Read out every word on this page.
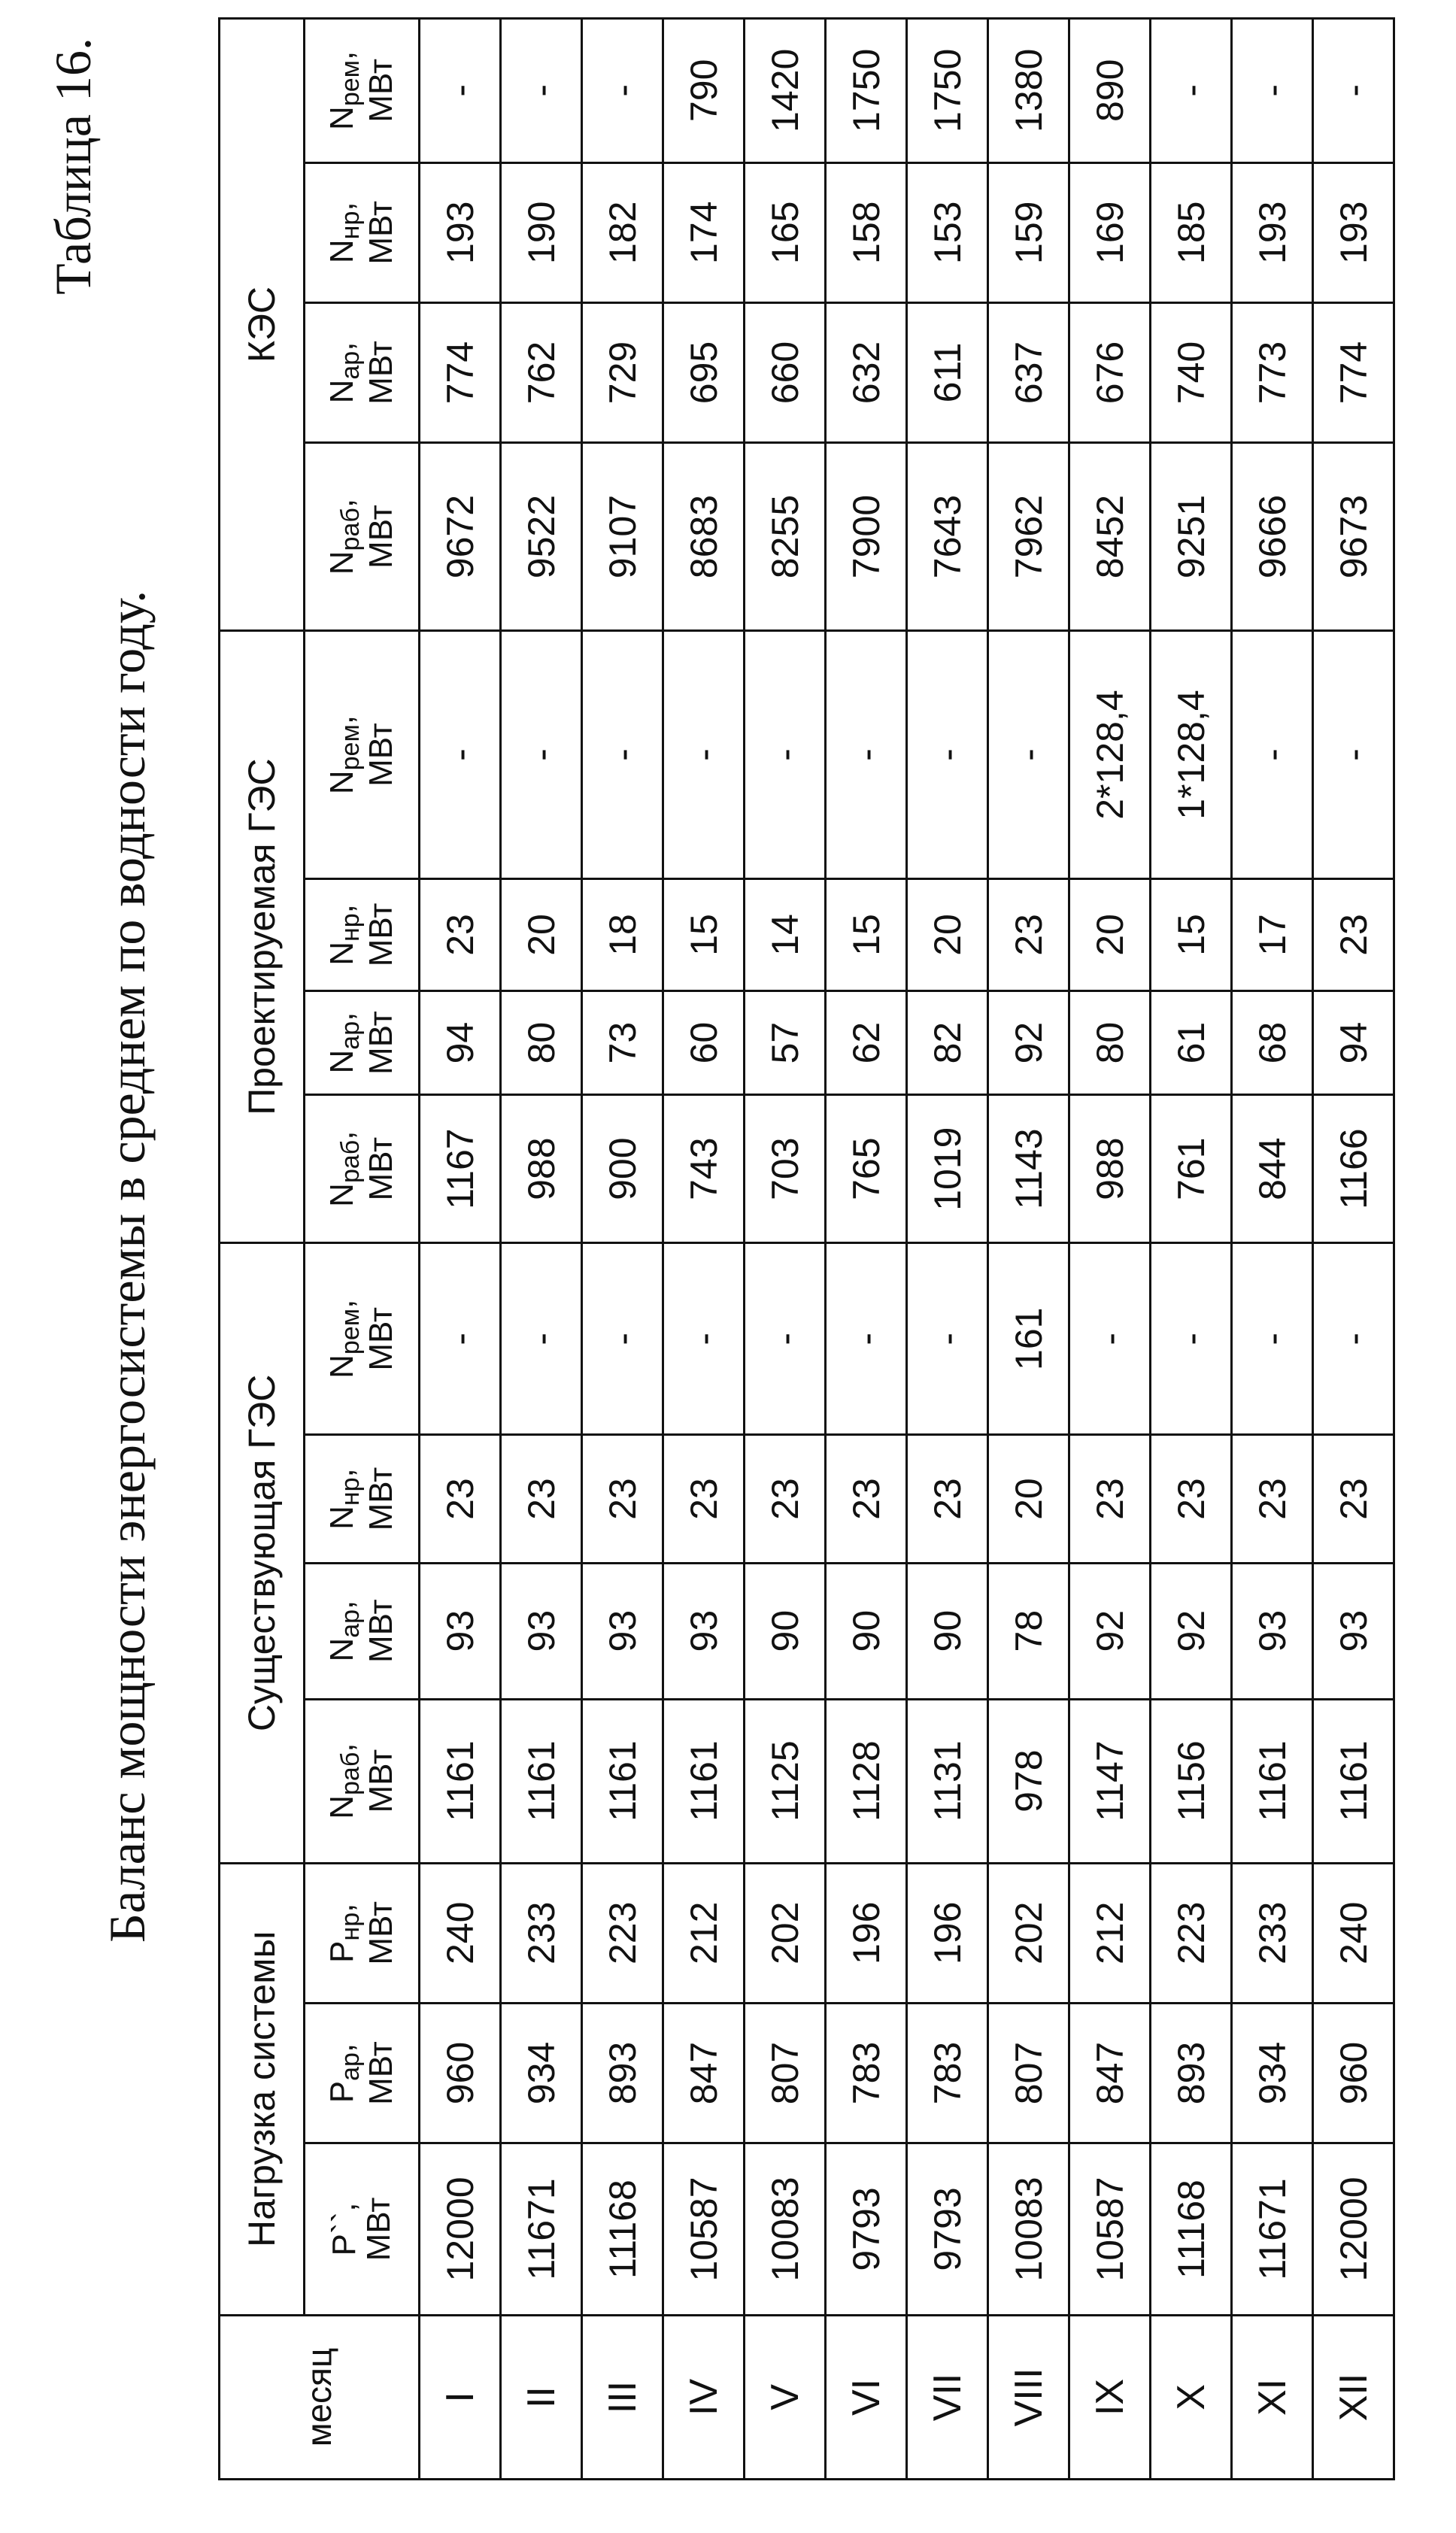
Таблица 16.
Баланс мощности энергосистемы в среднем по водности году.
месяц	Нагрузка системы			Существующая ГЭС				Проектируемая ГЭС				КЭС			
	P``,
МВт	Pар,
МВт	Pнр,
МВт	Nраб,
МВт	Nар,
МВт	Nнр,
МВт	Nрем,
МВт	Nраб,
МВт	Nар,
МВт	Nнр,
МВт	Nрем,
МВт	Nраб,
МВт	Nар,
МВт	Nнр,
МВт	Nрем,
МВт
I	12000	960	240	1161	93	23	-	1167	94	23	-	9672	774	193	-
II	11671	934	233	1161	93	23	-	988	80	20	-	9522	762	190	-
III	11168	893	223	1161	93	23	-	900	73	18	-	9107	729	182	-
IV	10587	847	212	1161	93	23	-	743	60	15	-	8683	695	174	790
V	10083	807	202	1125	90	23	-	703	57	14	-	8255	660	165	1420
VI	9793	783	196	1128	90	23	-	765	62	15	-	7900	632	158	1750
VII	9793	783	196	1131	90	23	-	1019	82	20	-	7643	611	153	1750
VIII	10083	807	202	978	78	20	161	1143	92	23	-	7962	637	159	1380
IX	10587	847	212	1147	92	23	-	988	80	20	2*128,4	8452	676	169	890
X	11168	893	223	1156	92	23	-	761	61	15	1*128,4	9251	740	185	-
XI	11671	934	233	1161	93	23	-	844	68	17	-	9666	773	193	-
XII	12000	960	240	1161	93	23	-	1166	94	23	-	9673	774	193	-
